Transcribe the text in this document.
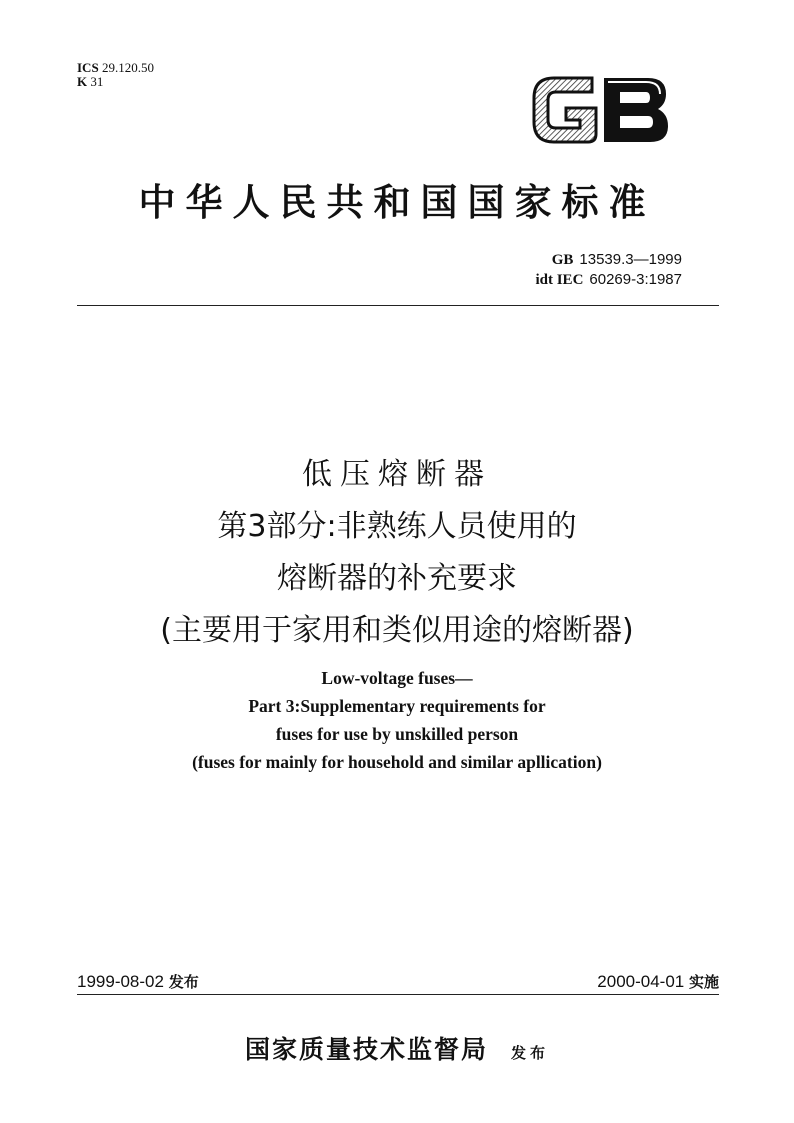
ICS 29.120.50
K 31
中华人民共和国国家标准
GB 13539.3—1999
idt IEC 60269-3:1987
低压熔断器
第3部分:非熟练人员使用的
熔断器的补充要求
(主要用于家用和类似用途的熔断器)
Low-voltage fuses—
Part 3:Supplementary requirements for
fuses for use by unskilled person
(fuses for mainly for household and similar apllication)
1999-08-02 发布	2000-04-01 实施
国家质量技术监督局 发布
